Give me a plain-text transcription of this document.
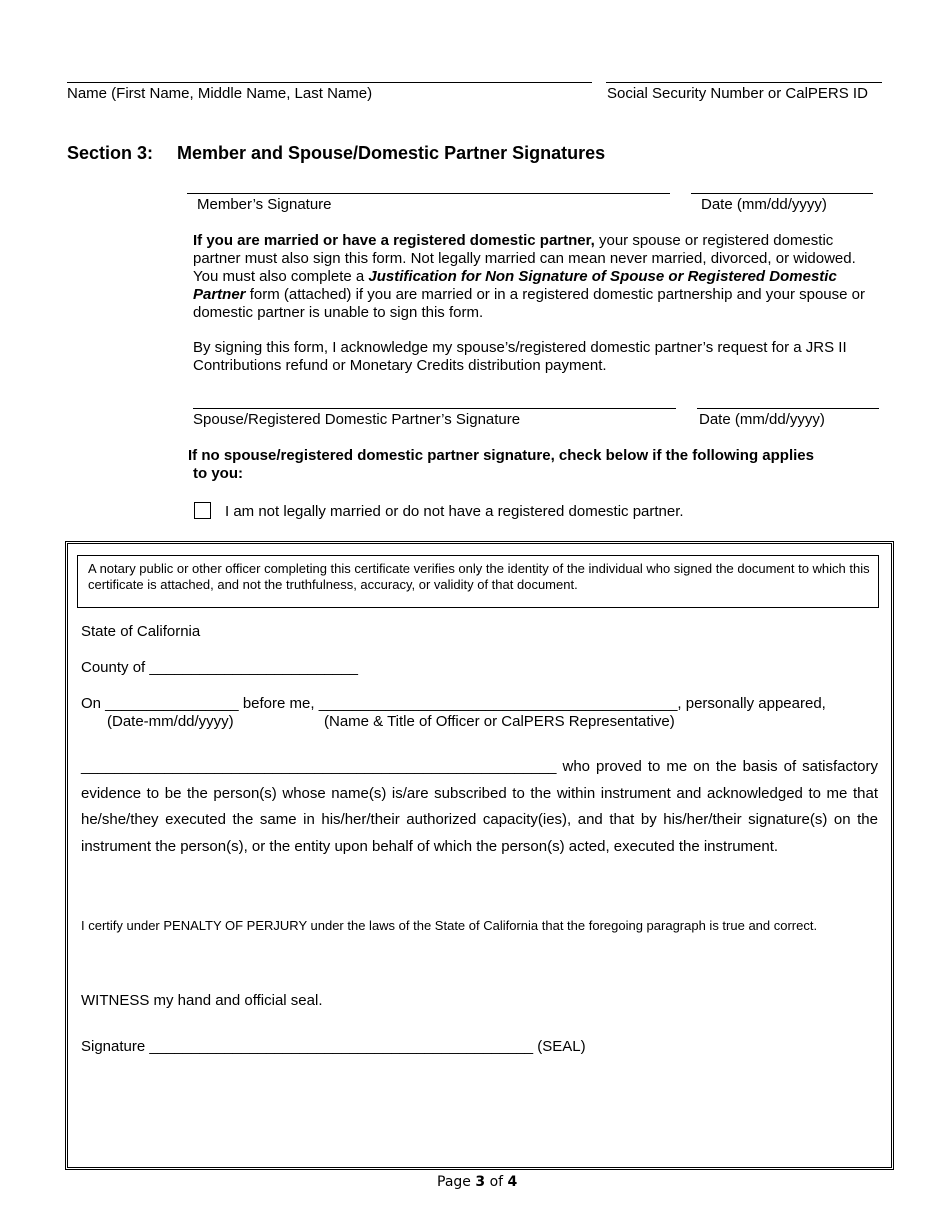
Name (First Name, Middle Name, Last Name)	Social Security Number or CalPERS ID
Section 3: Member and Spouse/Domestic Partner Signatures
Member’s Signature	Date (mm/dd/yyyy)
If you are married or have a registered domestic partner, your spouse or registered domestic partner must also sign this form. Not legally married can mean never married, divorced, or widowed. You must also complete a Justification for Non Signature of Spouse or Registered Domestic Partner form (attached) if you are married or in a registered domestic partnership and your spouse or domestic partner is unable to sign this form.
By signing this form, I acknowledge my spouse’s/registered domestic partner’s request for a JRS II Contributions refund or Monetary Credits distribution payment.
Spouse/Registered Domestic Partner’s Signature	Date (mm/dd/yyyy)
If no spouse/registered domestic partner signature, check below if the following applies
to you:
I am not legally married or do not have a registered domestic partner.
A notary public or other officer completing this certificate verifies only the identity of the individual who signed the document to which this certificate is attached, and not the truthfulness, accuracy, or validity of that document.
State of California
County of _________________________
On ________________ before me, ___________________________________________, personally appeared,
(Date-mm/dd/yyyy)	(Name & Title of Officer or CalPERS Representative)
_________________________________________________________ who proved to me on the basis of satisfactory evidence to be the person(s) whose name(s) is/are subscribed to the within instrument and acknowledged to me that he/she/they executed the same in his/her/their authorized capacity(ies), and that by his/her/their signature(s) on the instrument the person(s), or the entity upon behalf of which the person(s) acted, executed the instrument.
I certify under PENALTY OF PERJURY under the laws of the State of California that the foregoing paragraph is true and correct.
WITNESS my hand and official seal.
Signature ______________________________________________ (SEAL)
Page 3 of 4
